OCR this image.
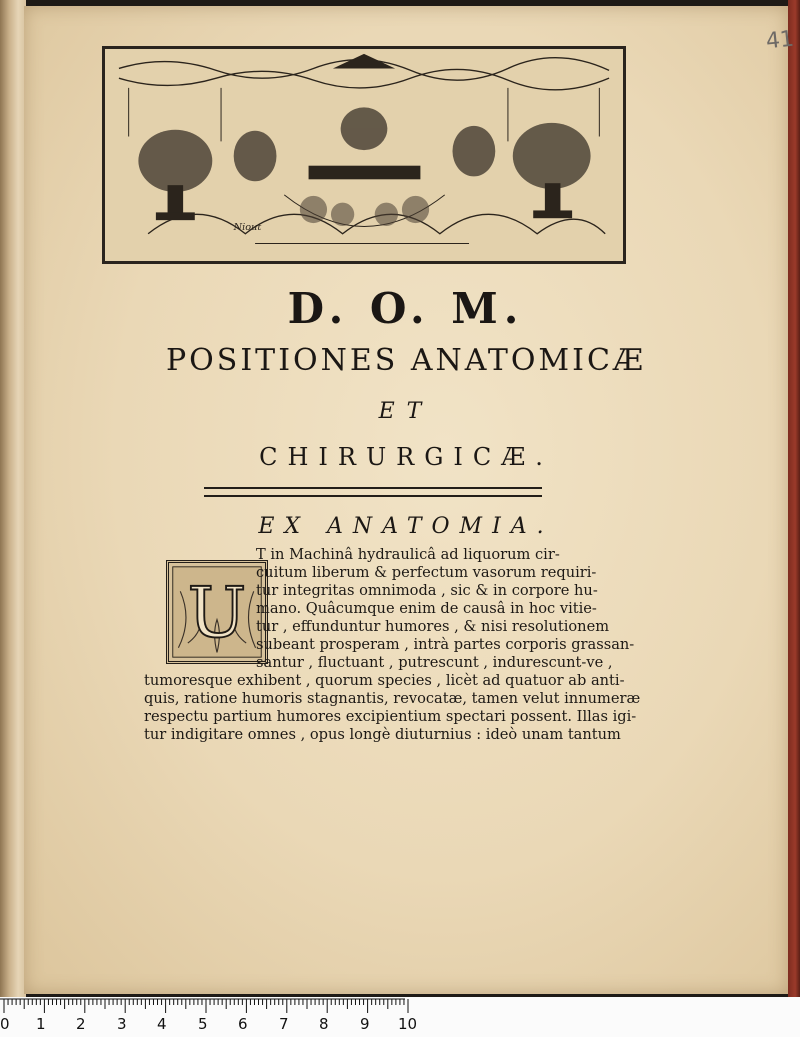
41
Niout
D. O. M.
POSITIONES ANATOMICÆ
ET
CHIRURGICÆ.
EX ANATOMIA.
U
T in Machinâ hydraulicâ ad liquorum cir-
cuitum liberum & perfectum vasorum requiri-
tur integritas omnimoda , sic & in corpore hu-
mano. Quâcumque enim de causâ in hoc vitie-
tur , effunduntur humores , & nisi resolutionem
subeant prosperam , intrà partes corporis grassan-
santur , fluctuant , putrescunt , indurescunt-ve ,
tumoresque exhibent , quorum species , licèt ad quatuor ab anti-
quis, ratione humoris stagnantis, revocatæ, tamen velut innumeræ
respectu partium humores excipientium spectari possent. Illas igi-
tur indigitare omnes , opus longè diuturnius : ideò unam tantum
0 1 2 3 4 5 6 7 8 9 10
